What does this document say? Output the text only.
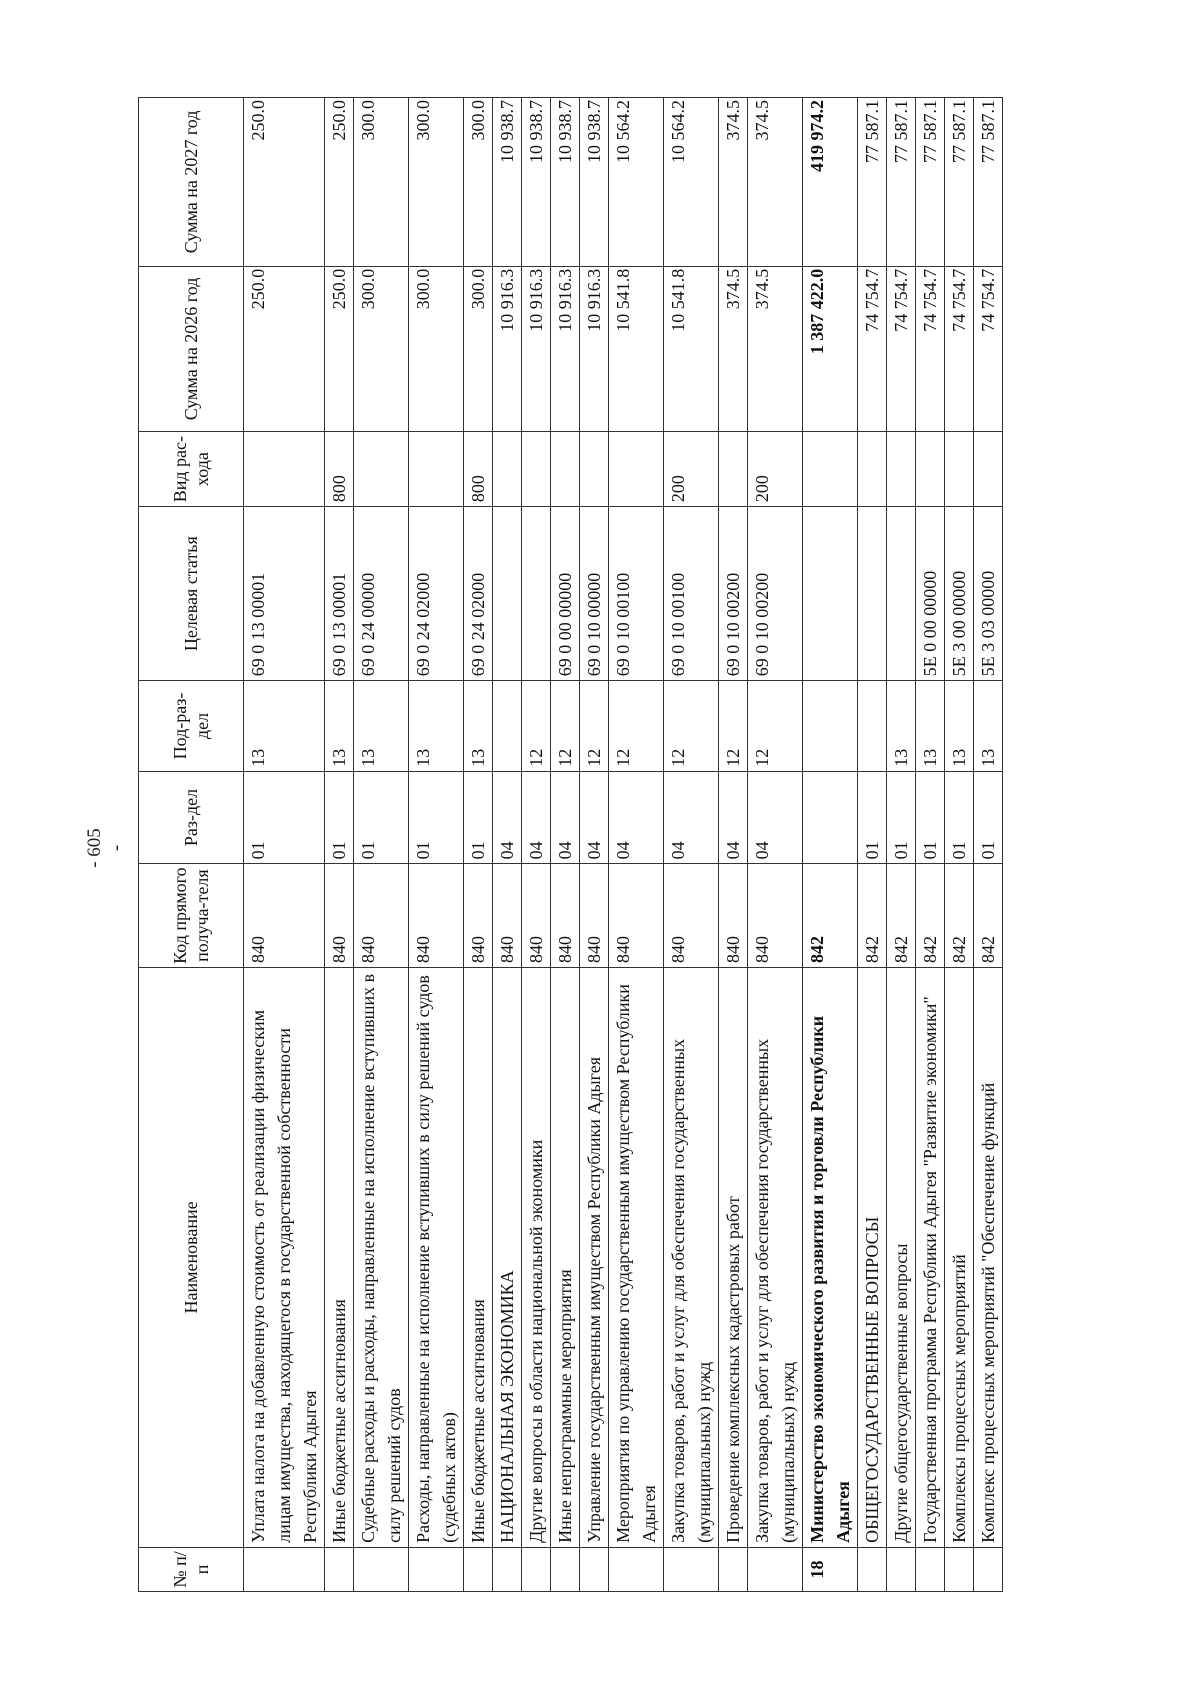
- 605 -
№ п/п	Наименование	Код прямого получа-теля	Раз-дел	Под-раз-дел	Целевая статья	Вид рас-хода	Сумма на 2026 год	Сумма на 2027 год
	Уплата налога на добавленную стоимость от реализации физическим лицам имущества, находящегося в государственной собственности Республики Адыгея	840	01	13	69 0 13 00001		250.0	250.0
	Иные бюджетные ассигнования	840	01	13	69 0 13 00001	800	250.0	250.0
	Судебные расходы и расходы, направленные на исполнение вступивших в силу решений судов	840	01	13	69 0 24 00000		300.0	300.0
	Расходы, направленные на исполнение вступивших в силу решений судов (судебных актов)	840	01	13	69 0 24 02000		300.0	300.0
	Иные бюджетные ассигнования	840	01	13	69 0 24 02000	800	300.0	300.0
	НАЦИОНАЛЬНАЯ ЭКОНОМИКА	840	04				10 916.3	10 938.7
	Другие вопросы в области национальной экономики	840	04	12			10 916.3	10 938.7
	Иные непрограммные мероприятия	840	04	12	69 0 00 00000		10 916.3	10 938.7
	Управление государственным имуществом Республики Адыгея	840	04	12	69 0 10 00000		10 916.3	10 938.7
	Мероприятия по управлению государственным имуществом Республики Адыгея	840	04	12	69 0 10 00100		10 541.8	10 564.2
	Закупка товаров, работ и услуг для обеспечения государственных (муниципальных) нужд	840	04	12	69 0 10 00100	200	10 541.8	10 564.2
	Проведение комплексных кадастровых работ	840	04	12	69 0 10 00200		374.5	374.5
	Закупка товаров, работ и услуг для обеспечения государственных (муниципальных) нужд	840	04	12	69 0 10 00200	200	374.5	374.5
18	Министерство экономического развития и торговли Республики Адыгея	842					1 387 422.0	419 974.2
	ОБЩЕГОСУДАРСТВЕННЫЕ ВОПРОСЫ	842	01				74 754.7	77 587.1
	Другие общегосударственные вопросы	842	01	13			74 754.7	77 587.1
	Государственная программа Республики Адыгея "Развитие экономики"	842	01	13	5Е 0 00 00000		74 754.7	77 587.1
	Комплексы процессных мероприятий	842	01	13	5Е 3 00 00000		74 754.7	77 587.1
	Комплекс процессных мероприятий "Обеспечение функций	842	01	13	5Е 3 03 00000		74 754.7	77 587.1
